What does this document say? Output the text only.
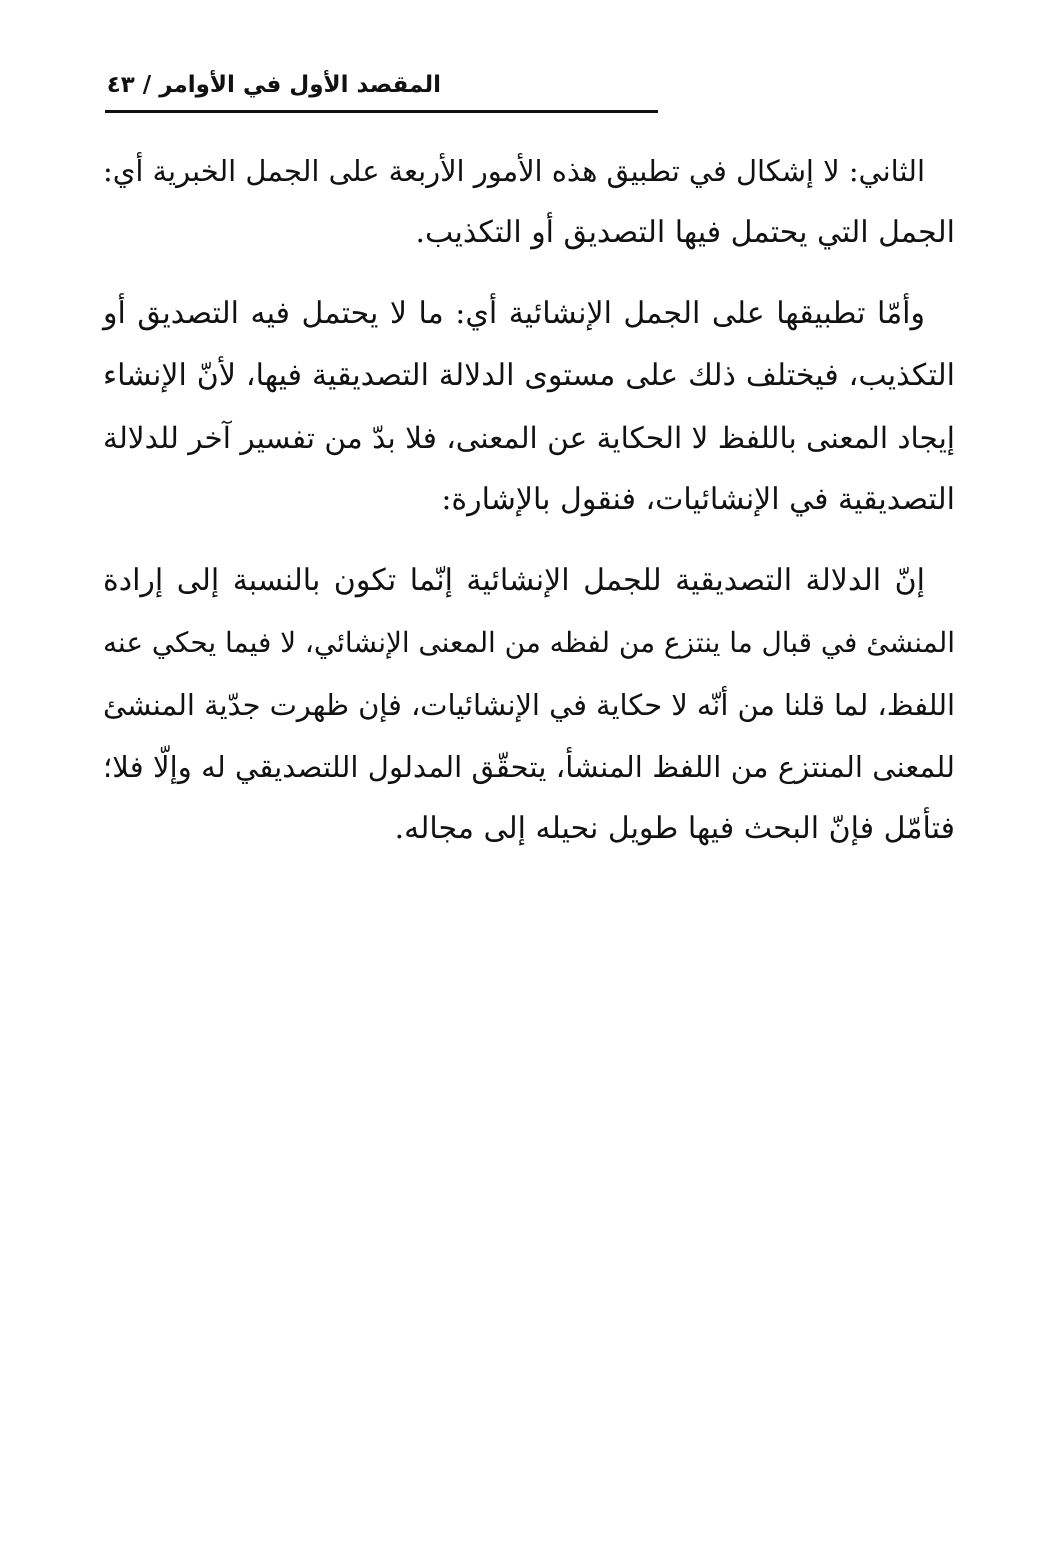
المقصد الأول في الأوامر / ٤٣
الثاني: لا إشكال في تطبيق هذه الأمور الأربعة على الجمل الخبرية أي:
الجمل التي يحتمل فيها التصديق أو التكذيب.
وأمّا تطبيقها على الجمل الإنشائية أي: ما لا يحتمل فيه التصديق أو
التكذيب، فيختلف ذلك على مستوى الدلالة التصديقية فيها، لأنّ الإنشاء
إيجاد المعنى باللفظ لا الحكاية عن المعنى، فلا بدّ من تفسير آخر للدلالة
التصديقية في الإنشائيات، فنقول بالإشارة:
إنّ الدلالة التصديقية للجمل الإنشائية إنّما تكون بالنسبة إلى إرادة
المنشئ في قبال ما ينتزع من لفظه من المعنى الإنشائي، لا فيما يحكي عنه
اللفظ، لما قلنا من أنّه لا حكاية في الإنشائيات، فإن ظهرت جدّية المنشئ
للمعنى المنتزع من اللفظ المنشأ، يتحقّق المدلول اللتصديقي له وإلّا فلا؛
فتأمّل فإنّ البحث فيها طويل نحيله إلى مجاله.
